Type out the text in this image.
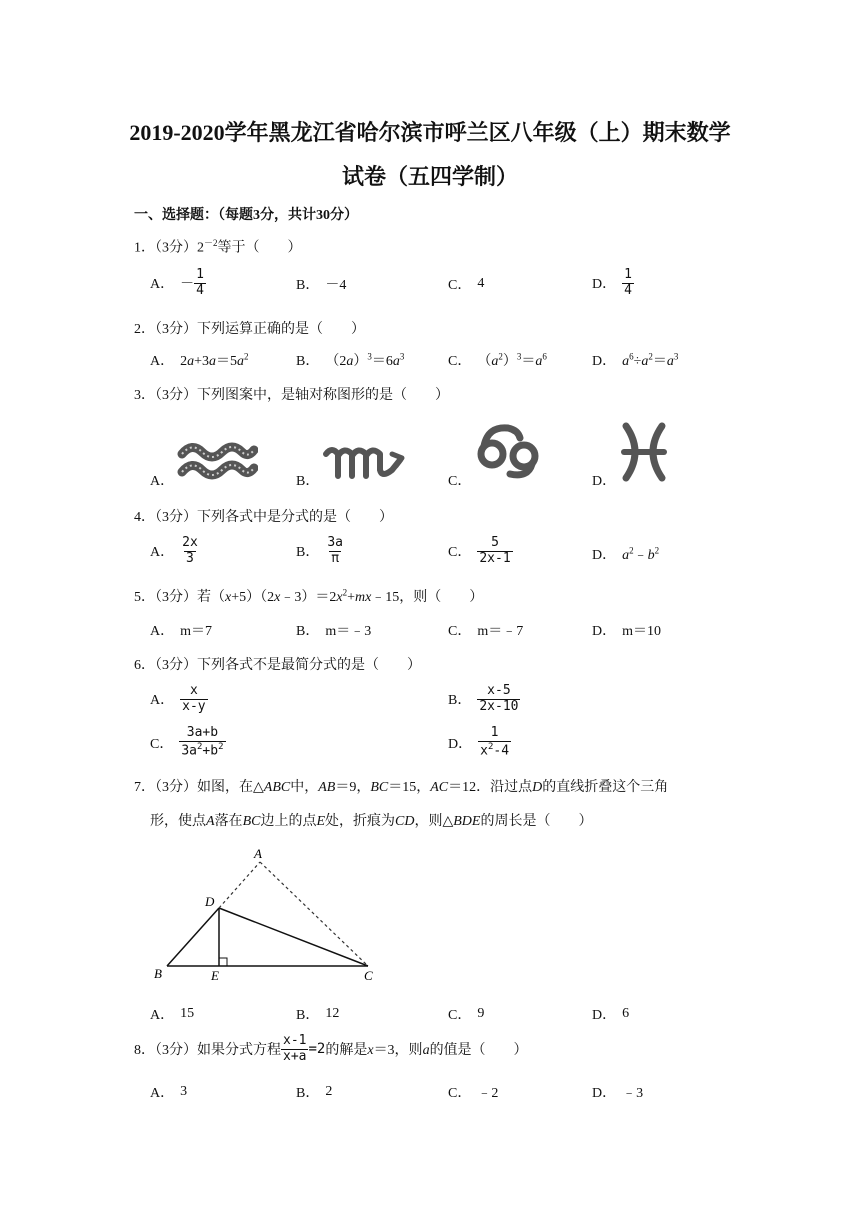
2019-2020学年黑龙江省哈尔滨市呼兰区八年级（上）期末数学
试卷（五四学制）
一、选择题：（每题3分，共计30分）
1．（3分）$2^{-2}$等于（　　）
A． － $\frac{1}{4}$	B． －4	C． 4	D． $\frac{1}{4}$
2．（3分）下列运算正确的是（　　）
A． $2a+3a=5a^2$	B． $(2a)^3=6a^3$	C． $(a^2)^3=a^6$	D． $a^6\div a^2=a^3$
3．（3分）下列图案中，是轴对称图形的是（　　）
A．	B．	C．	D．
4．（3分）下列各式中是分式的是（　　）
A． $\frac{2x}{3}$	B． $\frac{3a}{\pi}$	C． $\frac{5}{2x-1}$	D． $a^2﹣b^2$
5．（3分）若$(x+5)(2x﹣3)=2x^2+mx﹣15$，则（　　）
A． m＝7	B． m＝﹣3	C． m＝﹣7	D． m＝10
6．（3分）下列各式不是最简分式的是（　　）
A． $\frac{x}{x-y}$	B． $\frac{x-5}{2x-10}$
C． $\frac{3a+b}{3a^2+b^2}$	D． $\frac{1}{x^2-4}$
7．（3分）如图，在△ABC中，AB＝9，BC＝15，AC＝12．沿过点D的直线折叠这个三角
形，使点A落在BC边上的点E处，折痕为CD，则△BDE的周长是（　　）
A
B	C
D
E
A． 15	B． 12	C． 9	D． 6
8．（3分）如果分式方程 $\frac{x-1}{x+a} =2$ 的解是x＝3，则a的值是（　　）
A． 3	B． 2	C． ﹣2	D． ﹣3
